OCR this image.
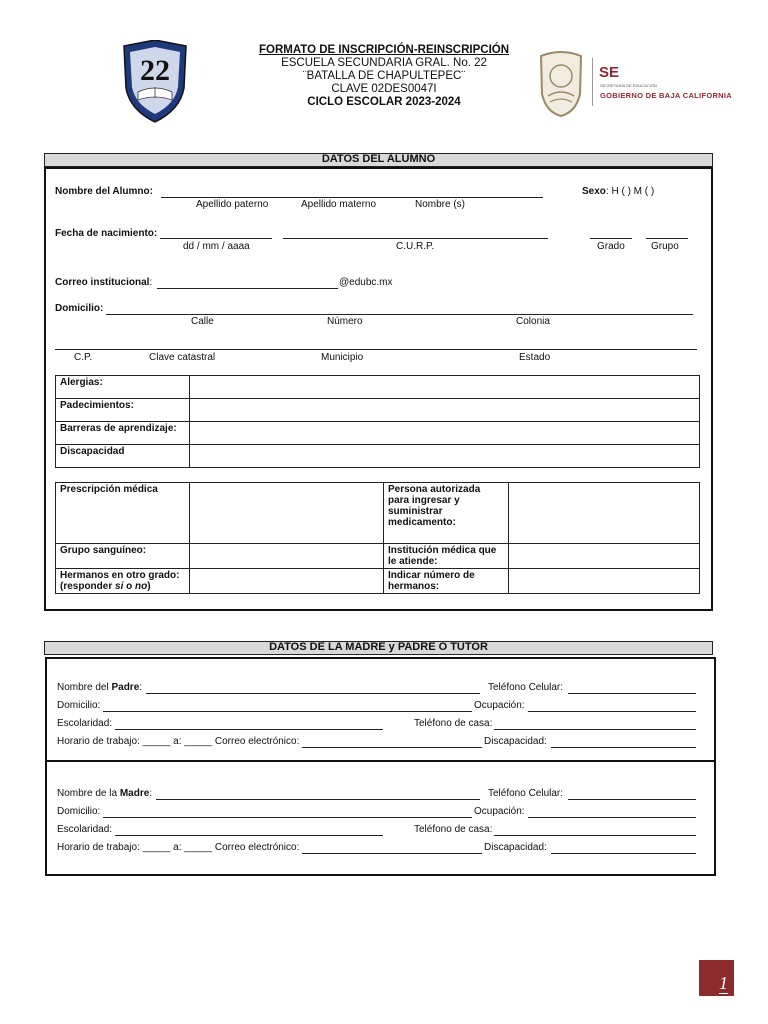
22
FORMATO DE INSCRIPCIÓN-REINSCRIPCIÓN
ESCUELA SECUNDARIA GRAL. No. 22
¨BATALLA DE CHAPULTEPEC¨
CLAVE 02DES0047I
CICLO ESCOLAR 2023-2024
SE
SECRETARÍA DE EDUCACIÓN
GOBIERNO DE BAJA CALIFORNIA
DATOS DEL ALUMNO
Nombre del Alumno:
Apellido paterno	Apellido materno	Nombre (s)
Sexo: H ( ) M ( )
Fecha de nacimiento:
dd / mm / aaaa	C.U.R.P.	Grado	Grupo
Correo institucional:	@edubc.mx
Domicilio:
Calle	Número	Colonia
C.P.	Clave catastral	Municipio	Estado
Alergias:	
Padecimientos:	
Barreras de aprendizaje:	
Discapacidad	
Prescripción médica		Persona autorizada para ingresar y suministrar medicamento:	
Grupo sanguíneo:		Institución médica que le atiende:	
Hermanos en otro grado:
(responder si o no)		Indicar número de hermanos:	
DATOS DE LA MADRE y PADRE O TUTOR
Nombre del Padre:	Teléfono Celular:
Domicilio:	Ocupación:
Escolaridad:	Teléfono de casa:
Horario de trabajo: _____ a: _____ Correo electrónico:	Discapacidad:
Nombre de la Madre:	Teléfono Celular:
Domicilio:	Ocupación:
Escolaridad:	Teléfono de casa:
Horario de trabajo: _____ a: _____ Correo electrónico:	Discapacidad:
1
